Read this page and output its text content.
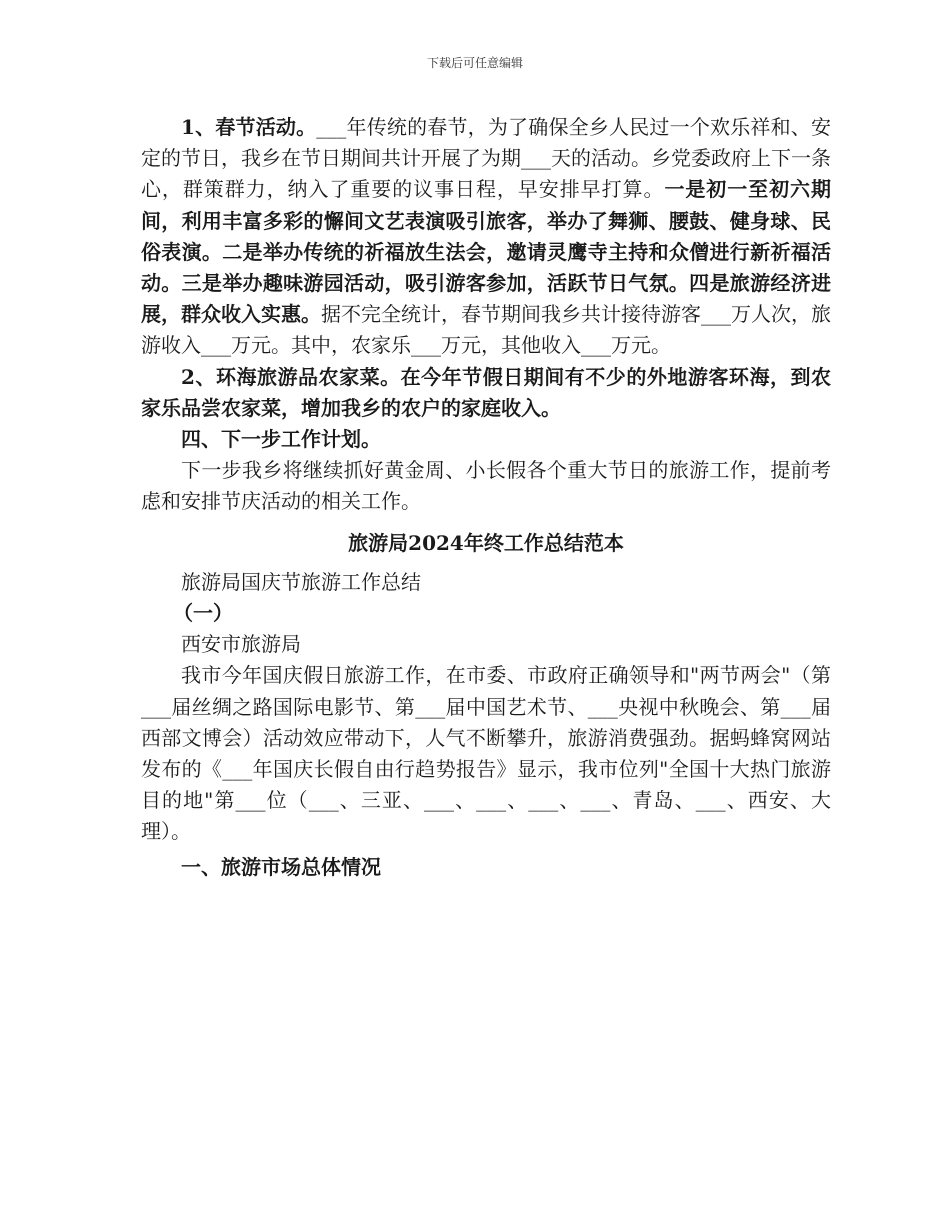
下载后可任意编辑

1、春节活动。___年传统的春节，为了确保全乡人民过一个欢乐祥和、安定的节日，我乡在节日期间共计开展了为期___天的活动。乡党委政府上下一条心，群策群力，纳入了重要的议事日程，早安排早打算。一是初一至初六期间，利用丰富多彩的懈间文艺表演吸引旅客，举办了舞狮、腰鼓、健身球、民俗表演。二是举办传统的祈福放生法会，邀请灵鹰寺主持和众僧进行新祈福活动。三是举办趣味游园活动，吸引游客参加，活跃节日气氛。四是旅游经济进展，群众收入实惠。据不完全统计，春节期间我乡共计接待游客___万人次，旅游收入___万元。其中，农家乐___万元，其他收入___万元。

2、环海旅游品农家菜。在今年节假日期间有不少的外地游客环海，到农家乐品尝农家菜，增加我乡的农户的家庭收入。

四、下一步工作计划。

下一步我乡将继续抓好黄金周、小长假各个重大节日的旅游工作，提前考虑和安排节庆活动的相关工作。

旅游局2024年终工作总结范本

旅游局国庆节旅游工作总结

（一）

西安市旅游局

我市今年国庆假日旅游工作，在市委、市政府正确领导和"两节两会"（第___届丝绸之路国际电影节、第___届中国艺术节、___央视中秋晚会、第___届西部文博会）活动效应带动下，人气不断攀升，旅游消费强劲。据蚂蜂窝网站发布的《___年国庆长假自由行趋势报告》显示，我市位列"全国十大热门旅游目的地"第___位（___、三亚、___、___、___、___、青岛、___、西安、大理）。

一、旅游市场总体情况
